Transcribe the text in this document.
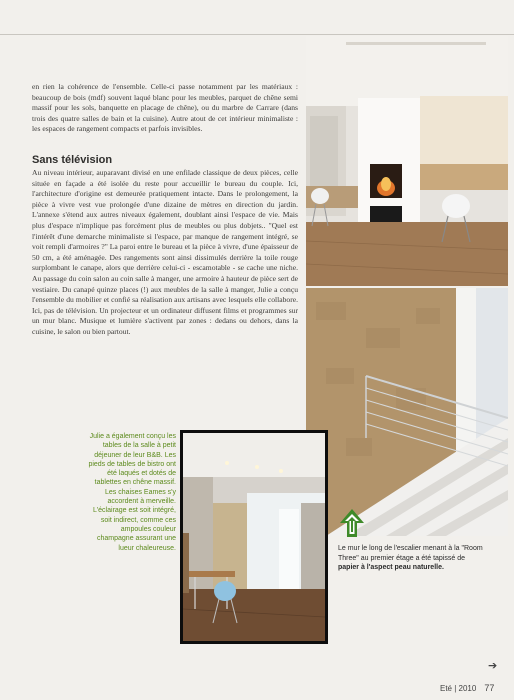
en rien la cohérence de l'ensemble. Celle-ci passe notamment par les matériaux : beaucoup de bois (mdf) souvent laqué blanc pour les meubles, parquet de chêne semi massif pour les sols, banquette en placage de chêne), ou du marbre de Carrare (dans trois des quatre salles de bain et la cuisine). Autre atout de cet intérieur minimaliste : les espaces de rangement compacts et parfois invisibles.
Sans télévision
Au niveau intérieur, auparavant divisé en une enfilade classique de deux pièces, celle située en façade a été isolée du reste pour accueillir le bureau du couple. Ici, l'architecture d'origine est demeurée pratiquement intacte. Dans le prolongement, la pièce à vivre vest vue prolongée d'une dizaine de mètres en direction du jardin. L'annexe s'étend aux autres niveaux également, doublant ainsi l'espace de vie. Mais plus d'espace n'implique pas forcément plus de meubles ou plus dobjets.. "Quel est l'intérêt d'une demarche minimaliste si l'espace, par manque de rangement intégré, se voit rempli d'armoires ?" La paroi entre le bureau et la pièce à vivre, d'une épaisseur de 50 cm, a été aménagée. Des rangements sont ainsi dissimulés derrière la toile rouge surplombant le canape, alors que derrière celui-ci - escamotable - se cache une niche. Au passage du coin salon au coin salle à manger, une armoire à hauteur de pièce sert de vestiaire. Du canapé quinze places (!) aux meubles de la salle à manger, Julie a conçu l'ensemble du mobilier et confié sa réalisation aux artisans avec lesquels elle collabore. Ici, pas de télévision. Un projecteur et un ordinateur diffusent films et programmes sur un mur blanc. Musique et lumière s'activent par zones : dedans ou dehors, dans la cuisine, le salon ou bien partout.
Julie a également conçu les tables de la salle à petit déjeuner de leur B&B. Les pieds de tables de bistro ont été laqués et dotés de tablettes en chêne massif. Les chaises Eames s'y accordent à merveille. L'éclairage est soit intégré, soit indirect, comme ces ampoules couleur champagne assurant une lueur chaleureuse.	Le mur le long de l'escalier menant à la "Room Three" au premier étage a été tapissé de papier à l'aspect peau naturelle.
➔
Eté | 2010 77
